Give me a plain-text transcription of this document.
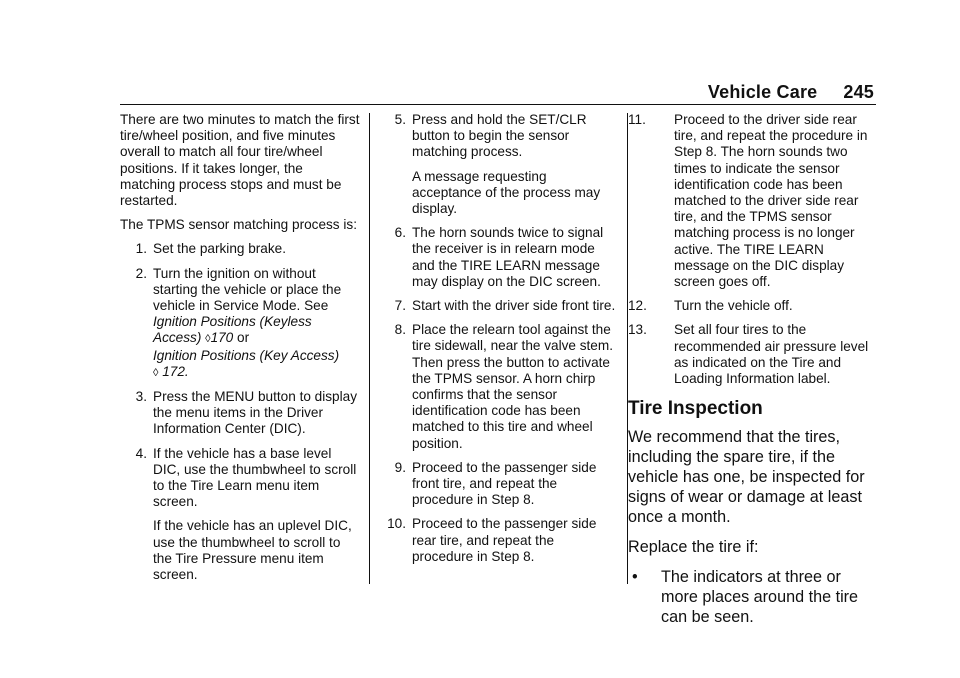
Vehicle Care 245

There are two minutes to match the first tire/wheel position, and five minutes overall to match all four tire/wheel positions. If it takes longer, the matching process stops and must be restarted.

The TPMS sensor matching process is:

1. Set the parking brake.
2. Turn the ignition on without starting the vehicle or place the vehicle in Service Mode. See Ignition Positions (Keyless Access) ◊170 or
Ignition Positions (Key Access)
◊ 172.
3. Press the MENU button to display the menu items in the Driver Information Center (DIC).
4. If the vehicle has a base level DIC, use the thumbwheel to scroll to the Tire Learn menu item screen.
If the vehicle has an uplevel DIC, use the thumbwheel to scroll to the Tire Pressure menu item screen.
5. Press and hold the SET/CLR button to begin the sensor matching process.
A message requesting acceptance of the process may display.
6. The horn sounds twice to signal the receiver is in relearn mode and the TIRE LEARN message may display on the DIC screen.
7. Start with the driver side front tire.
8. Place the relearn tool against the tire sidewall, near the valve stem. Then press the button to activate the TPMS sensor. A horn chirp confirms that the sensor identification code has been matched to this tire and wheel position.
9. Proceed to the passenger side front tire, and repeat the procedure in Step 8.
10. Proceed to the passenger side rear tire, and repeat the procedure in Step 8.
11.	Proceed to the driver side rear tire, and repeat the procedure in Step 8. The horn sounds two times to indicate the sensor identification code has been matched to the driver side rear tire, and the TPMS sensor matching process is no longer active. The TIRE LEARN message on the DIC display screen goes off.
12.	Turn the vehicle off.
13.	Set all four tires to the recommended air pressure level as indicated on the Tire and Loading Information label.
Tire Inspection

We recommend that the tires, including the spare tire, if the vehicle has one, be inspected for signs of wear or damage at least once a month.

Replace the tire if:

• The indicators at three or more places around the tire can be seen.
